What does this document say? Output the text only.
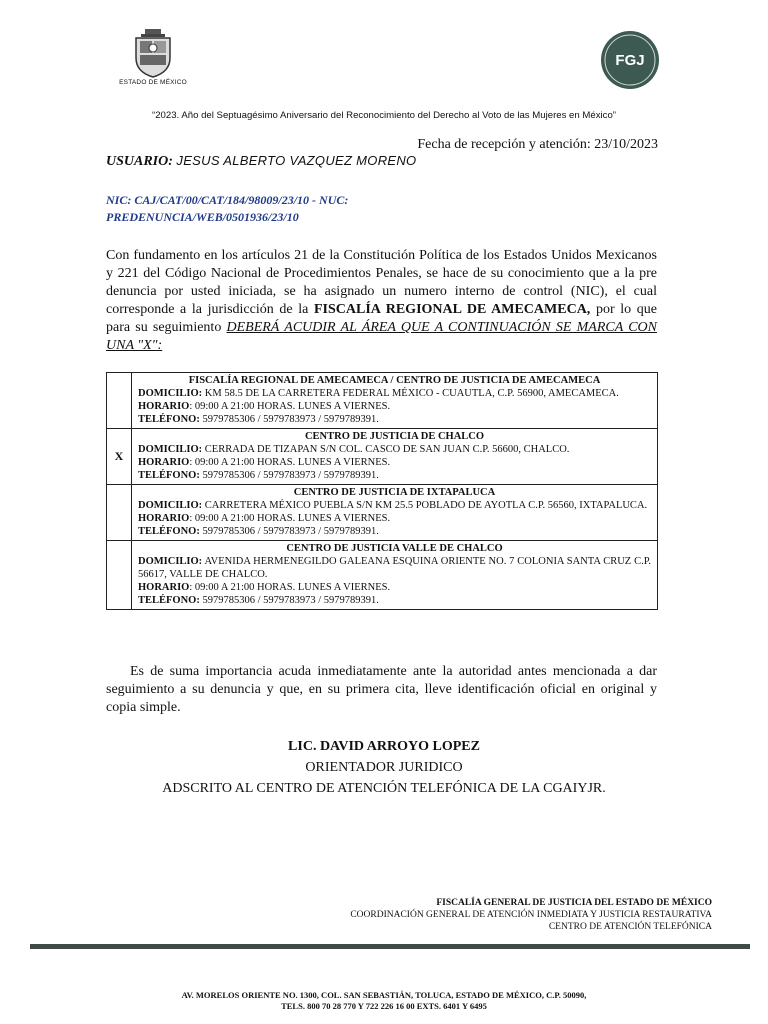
ESTADO DE MÉXICO
FGJ
“2023. Año del Septuagésimo Aniversario del Reconocimiento del Derecho al Voto de las Mujeres en México”
Fecha de recepción y atención: 23/10/2023
USUARIO: JESUS ALBERTO VAZQUEZ MORENO
NIC: CAJ/CAT/00/CAT/184/98009/23/10 - NUC:
PREDENUNCIA/WEB/0501936/23/10
Con fundamento en los artículos 21 de la Constitución Política de los Estados Unidos Mexicanos y 221 del Código Nacional de Procedimientos Penales, se hace de su conocimiento que a la pre denuncia por usted iniciada, se ha asignado un numero interno de control (NIC), el cual corresponde a la jurisdicción de la FISCALÍA REGIONAL DE AMECAMECA, por lo que para su seguimiento DEBERÁ ACUDIR AL ÁREA QUE A CONTINUACIÓN SE MARCA CON UNA "X":

	FISCALÍA REGIONAL DE AMECAMECA / CENTRO DE JUSTICIA DE AMECAMECA
DOMICILIO: KM 58.5 DE LA CARRETERA FEDERAL MÉXICO - CUAUTLA, C.P. 56900, AMECAMECA.
HORARIO: 09:00 A 21:00 HORAS. LUNES A VIERNES.
TELÉFONO: 5979785306 / 5979783973 / 5979789391.

X	CENTRO DE JUSTICIA DE CHALCO
DOMICILIO: CERRADA DE TIZAPAN S/N COL. CASCO DE SAN JUAN C.P. 56600, CHALCO.
HORARIO: 09:00 A 21:00 HORAS. LUNES A VIERNES.
TELÉFONO: 5979785306 / 5979783973 / 5979789391.

	CENTRO DE JUSTICIA DE IXTAPALUCA
DOMICILIO: CARRETERA MÉXICO PUEBLA S/N KM 25.5 POBLADO DE AYOTLA C.P. 56560, IXTAPALUCA.
HORARIO: 09:00 A 21:00 HORAS. LUNES A VIERNES.
TELÉFONO: 5979785306 / 5979783973 / 5979789391.

	CENTRO DE JUSTICIA VALLE DE CHALCO
DOMICILIO: AVENIDA HERMENEGILDO GALEANA ESQUINA ORIENTE NO. 7 COLONIA SANTA CRUZ C.P. 56617, VALLE DE CHALCO.
HORARIO: 09:00 A 21:00 HORAS. LUNES A VIERNES.
TELÉFONO: 5979785306 / 5979783973 / 5979789391.
Es de suma importancia acuda inmediatamente ante la autoridad antes mencionada a dar seguimiento a su denuncia y que, en su primera cita, lleve identificación oficial en original y copia simple.
LIC. DAVID ARROYO LOPEZ
ORIENTADOR JURIDICO
ADSCRITO AL CENTRO DE ATENCIÓN TELEFÓNICA DE LA CGAIYJR.
FISCALÍA GENERAL DE JUSTICIA DEL ESTADO DE MÉXICO
COORDINACIÓN GENERAL DE ATENCIÓN INMEDIATA Y JUSTICIA RESTAURATIVA
CENTRO DE ATENCIÓN TELEFÓNICA
AV. MORELOS ORIENTE NO. 1300, COL. SAN SEBASTIÁN, TOLUCA, ESTADO DE MÉXICO, C.P. 50090,
TELS. 800 70 28 770 Y 722 226 16 00 EXTS. 6401 Y 6495
